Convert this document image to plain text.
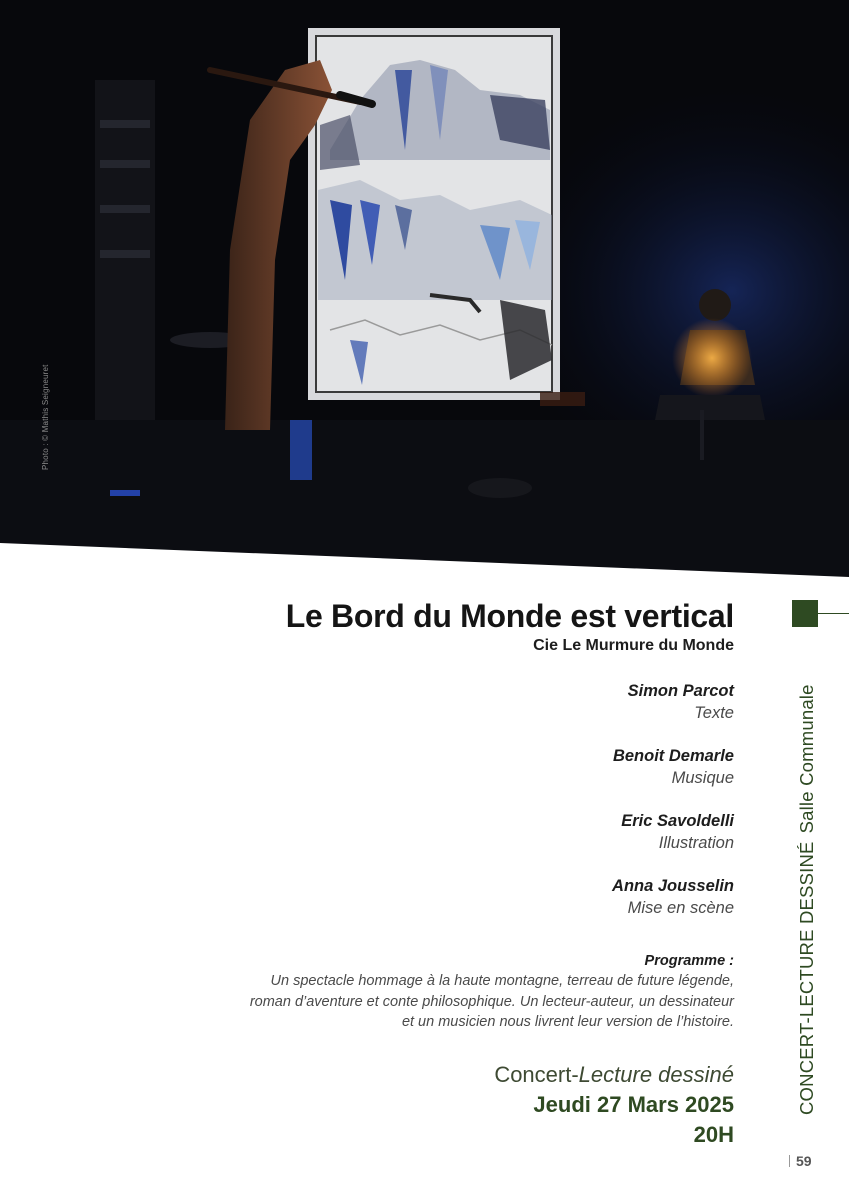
Photo : © Mathis Seigneuret
Le Bord du Monde est vertical
Cie Le Murmure du Monde
Simon Parcot
Texte
Benoit Demarle
Musique
Eric Savoldelli
Illustration
Anna Jousselin
Mise en scène
Programme :
Un spectacle hommage à la haute montagne, terreau de future légende,
roman d’aventure et conte philosophique. Un lecteur-auteur, un dessinateur
et un musicien nous livrent leur version de l’histoire.
Concert-Lecture dessiné
Jeudi 27 Mars 2025
20H
CONCERT-LECTURE DESSINÉSalle Communale
59
